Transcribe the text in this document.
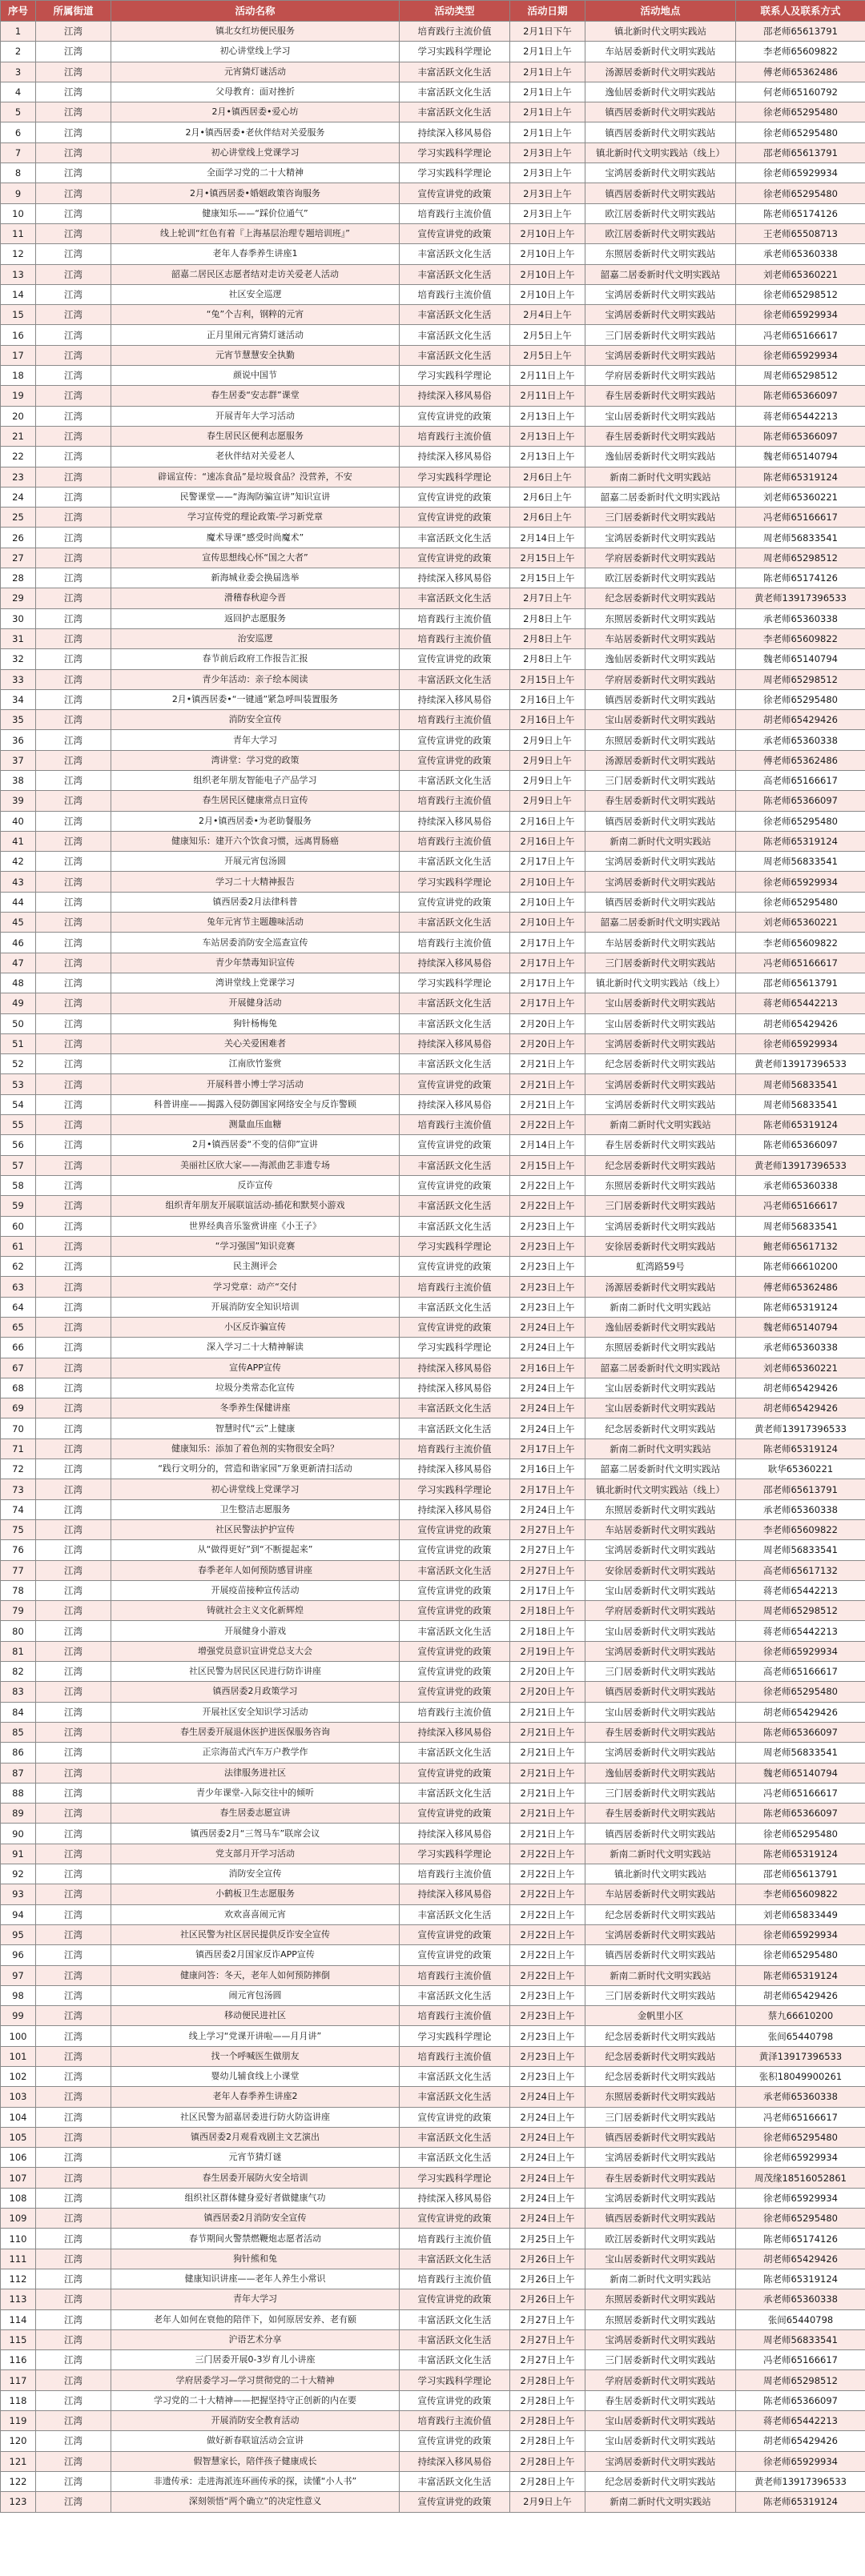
序号	所属街道	活动名称	活动类型	活动日期	活动地点	联系人及联系方式
1	江湾	镇北女红坊便民服务	培育践行主流价值	2月1日下午	镇北新时代文明实践站	邵老师65613791
2	江湾	初心讲堂线上学习	学习实践科学理论	2月1日上午	车站居委新时代文明实践站	李老师65609822
3	江湾	元宵猜灯谜活动	丰富活跃文化生活	2月1日上午	汤源居委新时代文明实践站	傅老师65362486
4	江湾	父母教育：面对挫折	丰富活跃文化生活	2月1日上午	逸仙居委新时代文明实践站	何老师65160792
5	江湾	2月•镇西居委•爱心坊	丰富活跃文化生活	2月1日上午	镇西居委新时代文明实践站	徐老师65295480
6	江湾	2月•镇西居委•老伙伴结对关爱服务	持续深入移风易俗	2月1日上午	镇西居委新时代文明实践站	徐老师65295480
7	江湾	初心讲堂线上党课学习	学习实践科学理论	2月3日上午	镇北新时代文明实践站（线上）	邵老师65613791
8	江湾	全面学习党的二十大精神	学习实践科学理论	2月3日上午	宝鸿居委新时代文明实践站	徐老师65929934
9	江湾	2月•镇西居委•婚姻政策咨询服务	宣传宣讲党的政策	2月3日上午	镇西居委新时代文明实践站	徐老师65295480
10	江湾	健康知乐——“踩价位通气”	培育践行主流价值	2月3日上午	欧江居委新时代文明实践站	陈老师65174126
11	江湾	线上轮训“红色有着『上海基层治理专题培训班』”	宣传宣讲党的政策	2月10日上午	欧江居委新时代文明实践站	王老师65508713
12	江湾	老年人春季养生讲座1	丰富活跃文化生活	2月10日上午	东照居委新时代文明实践站	承老师65360338
13	江湾	韶嘉二居民区志愿者结对走访关爱老人活动	丰富活跃文化生活	2月10日上午	韶嘉二居委新时代文明实践站	刘老师65360221
14	江湾	社区安全巡逻	培育践行主流价值	2月10日上午	宝鸿居委新时代文明实践站	徐老师65298512
15	江湾	“兔”个吉利，钢粹的元宵	丰富活跃文化生活	2月4日上午	宝鸿居委新时代文明实践站	徐老师65929934
16	江湾	正月里闹元宵猜灯谜活动	丰富活跃文化生活	2月5日上午	三门居委新时代文明实践站	冯老师65166617
17	江湾	元宵节慧慧安全执勤	丰富活跃文化生活	2月5日上午	宝鸿居委新时代文明实践站	徐老师65929934
18	江湾	颜说中国节	学习实践科学理论	2月11日上午	学府居委新时代文明实践站	周老师65298512
19	江湾	春生居委“安志群”课堂	持续深入移风易俗	2月11日上午	春生居委新时代文明实践站	陈老师65366097
20	江湾	开展青年大学习活动	宣传宣讲党的政策	2月13日上午	宝山居委新时代文明实践站	蒋老师65442213
21	江湾	春生居民区便利志愿服务	培育践行主流价值	2月13日上午	春生居委新时代文明实践站	陈老师65366097
22	江湾	老伙伴结对关爱老人	持续深入移风易俗	2月13日上午	逸仙居委新时代文明实践站	魏老师65140794
23	江湾	辟谣宣传：“速冻食品”是垃圾食品？没营养，不安	学习实践科学理论	2月6日上午	新南二新时代文明实践站	陈老师65319124
24	江湾	民警课堂——“海淘防骗宣讲”知识宣讲	宣传宣讲党的政策	2月6日上午	韶嘉二居委新时代文明实践站	刘老师65360221
25	江湾	学习宣传党的理论政策-学习新党章	宣传宣讲党的政策	2月6日上午	三门居委新时代文明实践站	冯老师65166617
26	江湾	魔术导课“感受时尚魔术”	丰富活跃文化生活	2月14日上午	宝鸿居委新时代文明实践站	周老师56833541
27	江湾	宣传思想线心怀“国之大者”	宣传宣讲党的政策	2月15日上午	学府居委新时代文明实践站	周老师65298512
28	江湾	新海城业委会换届选举	持续深入移风易俗	2月15日上午	欧江居委新时代文明实践站	陈老师65174126
29	江湾	滑稽春秋迎今晋	丰富活跃文化生活	2月7日上午	纪念居委新时代文明实践站	黄老师13917396533
30	江湾	返回护志愿服务	培育践行主流价值	2月8日上午	东照居委新时代文明实践站	承老师65360338
31	江湾	治安巡逻	培育践行主流价值	2月8日上午	车站居委新时代文明实践站	李老师65609822
32	江湾	春节前后政府工作报告汇报	宣传宣讲党的政策	2月8日上午	逸仙居委新时代文明实践站	魏老师65140794
33	江湾	青少年活动：亲子绘本阅读	丰富活跃文化生活	2月15日上午	学府居委新时代文明实践站	周老师65298512
34	江湾	2月•镇西居委•“一键通”紧急呼叫装置服务	持续深入移风易俗	2月16日上午	镇西居委新时代文明实践站	徐老师65295480
35	江湾	消防安全宣传	培育践行主流价值	2月16日上午	宝山居委新时代文明实践站	胡老师65429426
36	江湾	青年大学习	宣传宣讲党的政策	2月9日上午	东照居委新时代文明实践站	承老师65360338
37	江湾	湾讲堂：学习党的政策	宣传宣讲党的政策	2月9日上午	汤源居委新时代文明实践站	傅老师65362486
38	江湾	组织老年朋友智能电子产品学习	丰富活跃文化生活	2月9日上午	三门居委新时代文明实践站	高老师65166617
39	江湾	春生居民区健康常点日宣传	培育践行主流价值	2月9日上午	春生居委新时代文明实践站	陈老师65366097
40	江湾	2月•镇西居委•为老助餐服务	持续深入移风易俗	2月16日上午	镇西居委新时代文明实践站	徐老师65295480
41	江湾	健康知乐：建开六个饮食习惯，远离胃肠癌	培育践行主流价值	2月16日上午	新南二新时代文明实践站	陈老师65319124
42	江湾	开展元宵包汤圆	丰富活跃文化生活	2月17日上午	宝鸿居委新时代文明实践站	周老师56833541
43	江湾	学习二十大精神报告	学习实践科学理论	2月10日上午	宝鸿居委新时代文明实践站	徐老师65929934
44	江湾	镇西居委2月法律科普	宣传宣讲党的政策	2月10日上午	镇西居委新时代文明实践站	徐老师65295480
45	江湾	兔年元宵节主题趣味活动	丰富活跃文化生活	2月10日上午	韶嘉二居委新时代文明实践站	刘老师65360221
46	江湾	车站居委消防安全巡查宣传	培育践行主流价值	2月17日上午	车站居委新时代文明实践站	李老师65609822
47	江湾	青少年禁毒知识宣传	持续深入移风易俗	2月17日上午	三门居委新时代文明实践站	冯老师65166617
48	江湾	湾讲堂线上党课学习	学习实践科学理论	2月17日上午	镇北新时代文明实践站（线上）	邵老师65613791
49	江湾	开展健身活动	丰富活跃文化生活	2月17日上午	宝山居委新时代文明实践站	蒋老师65442213
50	江湾	狗针杨梅兔	丰富活跃文化生活	2月20日上午	宝山居委新时代文明实践站	胡老师65429426
51	江湾	关心关爱困难者	持续深入移风易俗	2月20日上午	宝鸿居委新时代文明实践站	徐老师65929934
52	江湾	江南欣竹鉴赏	丰富活跃文化生活	2月21日上午	纪念居委新时代文明实践站	黄老师13917396533
53	江湾	开展科普小博士学习活动	宣传宣讲党的政策	2月21日上午	宝鸿居委新时代文明实践站	周老师56833541
54	江湾	科普讲座——揭露入侵防御国家网络安全与反诈警顾	持续深入移风易俗	2月21日上午	宝鸿居委新时代文明实践站	周老师56833541
55	江湾	测量血压血糖	培育践行主流价值	2月22日上午	新南二新时代文明实践站	陈老师65319124
56	江湾	2月•镇西居委“不变的信仰”宣讲	宣传宣讲党的政策	2月14日上午	春生居委新时代文明实践站	陈老师65366097
57	江湾	美丽社区欣大家——海派曲艺非遗专场	丰富活跃文化生活	2月15日上午	纪念居委新时代文明实践站	黄老师13917396533
58	江湾	反诈宣传	宣传宣讲党的政策	2月22日上午	东照居委新时代文明实践站	承老师65360338
59	江湾	组织青年朋友开展联谊活动-插花和默契小游戏	丰富活跃文化生活	2月22日上午	三门居委新时代文明实践站	冯老师65166617
60	江湾	世界经典音乐鉴赏讲座《小王子》	丰富活跃文化生活	2月23日上午	宝鸿居委新时代文明实践站	周老师56833541
61	江湾	“学习强国”知识竞赛	学习实践科学理论	2月23日上午	安徐居委新时代文明实践站	鲍老师65617132
62	江湾	民主测评会	宣传宣讲党的政策	2月23日上午	虹湾路59号	陈老师66610200
63	江湾	学习党章：动产“交付	培育践行主流价值	2月23日上午	汤源居委新时代文明实践站	傅老师65362486
64	江湾	开展消防安全知识培训	丰富活跃文化生活	2月23日上午	新南二新时代文明实践站	陈老师65319124
65	江湾	小区反诈骗宣传	宣传宣讲党的政策	2月24日上午	逸仙居委新时代文明实践站	魏老师65140794
66	江湾	深入学习二十大精神解读	学习实践科学理论	2月24日上午	东照居委新时代文明实践站	承老师65360338
67	江湾	宣传APP宣传	持续深入移风易俗	2月16日上午	韶嘉二居委新时代文明实践站	刘老师65360221
68	江湾	垃圾分类常态化宣传	持续深入移风易俗	2月24日上午	宝山居委新时代文明实践站	胡老师65429426
69	江湾	冬季养生保健讲座	丰富活跃文化生活	2月24日上午	宝山居委新时代文明实践站	胡老师65429426
70	江湾	智慧时代“云”上健康	丰富活跃文化生活	2月24日上午	纪念居委新时代文明实践站	黄老师13917396533
71	江湾	健康知乐：添加了着色剂的实物很安全吗？	培育践行主流价值	2月17日上午	新南二新时代文明实践站	陈老师65319124
72	江湾	“践行文明分的，营造和谐家园”万象更新清扫活动	持续深入移风易俗	2月16日上午	韶嘉二居委新时代文明实践站	耿华65360221
73	江湾	初心讲堂线上党课学习	学习实践科学理论	2月17日上午	镇北新时代文明实践站（线上）	邵老师65613791
74	江湾	卫生整洁志愿服务	持续深入移风易俗	2月24日上午	东照居委新时代文明实践站	承老师65360338
75	江湾	社区民警法护护宣传	宣传宣讲党的政策	2月27日上午	车站居委新时代文明实践站	李老师65609822
76	江湾	从“做得更好”到“不断提起来”	宣传宣讲党的政策	2月27日上午	宝鸿居委新时代文明实践站	周老师56833541
77	江湾	春季老年人如何预防感冒讲座	丰富活跃文化生活	2月27日上午	安徐居委新时代文明实践站	高老师65617132
78	江湾	开展疫苗接种宣传活动	宣传宣讲党的政策	2月17日上午	宝山居委新时代文明实践站	蒋老师65442213
79	江湾	铸就社会主义文化新辉煌	宣传宣讲党的政策	2月18日上午	学府居委新时代文明实践站	周老师65298512
80	江湾	开展健身小游戏	丰富活跃文化生活	2月18日上午	宝山居委新时代文明实践站	蒋老师65442213
81	江湾	增强党员意识宣讲党总支大会	宣传宣讲党的政策	2月19日上午	宝鸿居委新时代文明实践站	徐老师65929934
82	江湾	社区民警为居民区民进行防诈讲座	宣传宣讲党的政策	2月20日上午	三门居委新时代文明实践站	高老师65166617
83	江湾	镇西居委2月政策学习	宣传宣讲党的政策	2月20日上午	镇西居委新时代文明实践站	徐老师65295480
84	江湾	开展社区安全知识学习活动	培育践行主流价值	2月21日上午	宝山居委新时代文明实践站	胡老师65429426
85	江湾	春生居委开展退休医护进医保服务咨询	持续深入移风易俗	2月21日上午	春生居委新时代文明实践站	陈老师65366097
86	江湾	正宗海苗式汽车万户教学作	丰富活跃文化生活	2月21日上午	宝鸿居委新时代文明实践站	周老师56833541
87	江湾	法律服务进社区	宣传宣讲党的政策	2月21日上午	逸仙居委新时代文明实践站	魏老师65140794
88	江湾	青少年课堂-入际交往中的倾听	丰富活跃文化生活	2月21日上午	三门居委新时代文明实践站	冯老师65166617
89	江湾	春生居委志愿宣讲	宣传宣讲党的政策	2月21日上午	春生居委新时代文明实践站	陈老师65366097
90	江湾	镇西居委2月“三驾马车”联席会议	持续深入移风易俗	2月21日上午	镇西居委新时代文明实践站	徐老师65295480
91	江湾	党支部月开学习活动	学习实践科学理论	2月22日上午	新南二新时代文明实践站	陈老师65319124
92	江湾	消防安全宣传	培育践行主流价值	2月22日上午	镇北新时代文明实践站	邵老师65613791
93	江湾	小鹤板卫生志愿服务	持续深入移风易俗	2月22日上午	车站居委新时代文明实践站	李老师65609822
94	江湾	欢欢喜喜闹元宵	丰富活跃文化生活	2月22日上午	纪念居委新时代文明实践站	刘老师65833449
95	江湾	社区民警为社区居民提供反诈安全宣传	宣传宣讲党的政策	2月22日上午	宝鸿居委新时代文明实践站	徐老师65929934
96	江湾	镇西居委2月国家反诈APP宣传	宣传宣讲党的政策	2月22日上午	镇西居委新时代文明实践站	徐老师65295480
97	江湾	健康问答：冬天，老年人如何预防摔倒	培育践行主流价值	2月22日上午	新南二新时代文明实践站	陈老师65319124
98	江湾	闹元宵包汤圆	丰富活跃文化生活	2月23日上午	三门居委新时代文明实践站	胡老师65429426
99	江湾	移动便民进社区	培育践行主流价值	2月23日上午	金帆里小区	蔡九66610200
100	江湾	线上学习“党课开讲啦——月月讲”	学习实践科学理论	2月23日上午	纪念居委新时代文明实践站	张间65440798
101	江湾	找一个呼喊医生做朋友	培育践行主流价值	2月23日上午	纪念居委新时代文明实践站	黄泽13917396533
102	江湾	婴幼儿辅食线上小课堂	丰富活跃文化生活	2月23日上午	纪念居委新时代文明实践站	张积18049900261
103	江湾	老年人春季养生讲座2	丰富活跃文化生活	2月24日上午	东照居委新时代文明实践站	承老师65360338
104	江湾	社区民警为韶嘉居委进行防火防盗讲座	宣传宣讲党的政策	2月24日上午	三门居委新时代文明实践站	冯老师65166617
105	江湾	镇西居委2月观看戏剧主文艺演出	丰富活跃文化生活	2月24日上午	镇西居委新时代文明实践站	徐老师65295480
106	江湾	元宵节猜灯谜	丰富活跃文化生活	2月24日上午	宝鸿居委新时代文明实践站	徐老师65929934
107	江湾	春生居委开展防火安全培训	学习实践科学理论	2月24日上午	春生居委新时代文明实践站	周茂缘18516052861
108	江湾	组织社区群体健身爱好者做健康气功	持续深入移风易俗	2月24日上午	宝鸿居委新时代文明实践站	徐老师65929934
109	江湾	镇西居委2月消防安全宣传	宣传宣讲党的政策	2月24日上午	镇西居委新时代文明实践站	徐老师65295480
110	江湾	春节期间火警禁燃鞭炮志愿者活动	培育践行主流价值	2月25日上午	欧江居委新时代文明实践站	陈老师65174126
111	江湾	狗针熊和兔	丰富活跃文化生活	2月26日上午	宝山居委新时代文明实践站	胡老师65429426
112	江湾	健康知识讲座——老年人养生小常识	培育践行主流价值	2月26日上午	新南二新时代文明实践站	陈老师65319124
113	江湾	青年大学习	宣传宣讲党的政策	2月26日上午	东照居委新时代文明实践站	承老师65360338
114	江湾	老年人如何在衰他的陪伴下，如何原居安养、老有颐	丰富活跃文化生活	2月27日上午	东照居委新时代文明实践站	张间65440798
115	江湾	沪语艺术分享	丰富活跃文化生活	2月27日上午	宝鸿居委新时代文明实践站	周老师56833541
116	江湾	三门居委开展0-3岁育儿小讲座	丰富活跃文化生活	2月27日上午	三门居委新时代文明实践站	冯老师65166617
117	江湾	学府居委学习—学习贯彻党的二十大精神	学习实践科学理论	2月28日上午	学府居委新时代文明实践站	周老师65298512
118	江湾	学习党的二十大精神——把握坚持守正创新的内在要	宣传宣讲党的政策	2月28日上午	春生居委新时代文明实践站	陈老师65366097
119	江湾	开展消防安全教育活动	培育践行主流价值	2月28日上午	宝山居委新时代文明实践站	蒋老师65442213
120	江湾	做好新春联谊活动会宣讲	宣传宣讲党的政策	2月28日上午	宝山居委新时代文明实践站	胡老师65429426
121	江湾	假智慧家长，陪伴孩子健康成长	持续深入移风易俗	2月28日上午	宝鸿居委新时代文明实践站	徐老师65929934
122	江湾	非遗传承：走进海派连环画传承的探，读懂“小人书”	丰富活跃文化生活	2月28日上午	纪念居委新时代文明实践站	黄老师13917396533
123	江湾	深刻领悟“两个确立”的决定性意义	宣传宣讲党的政策	2月9日上午	新南二新时代文明实践站	陈老师65319124
